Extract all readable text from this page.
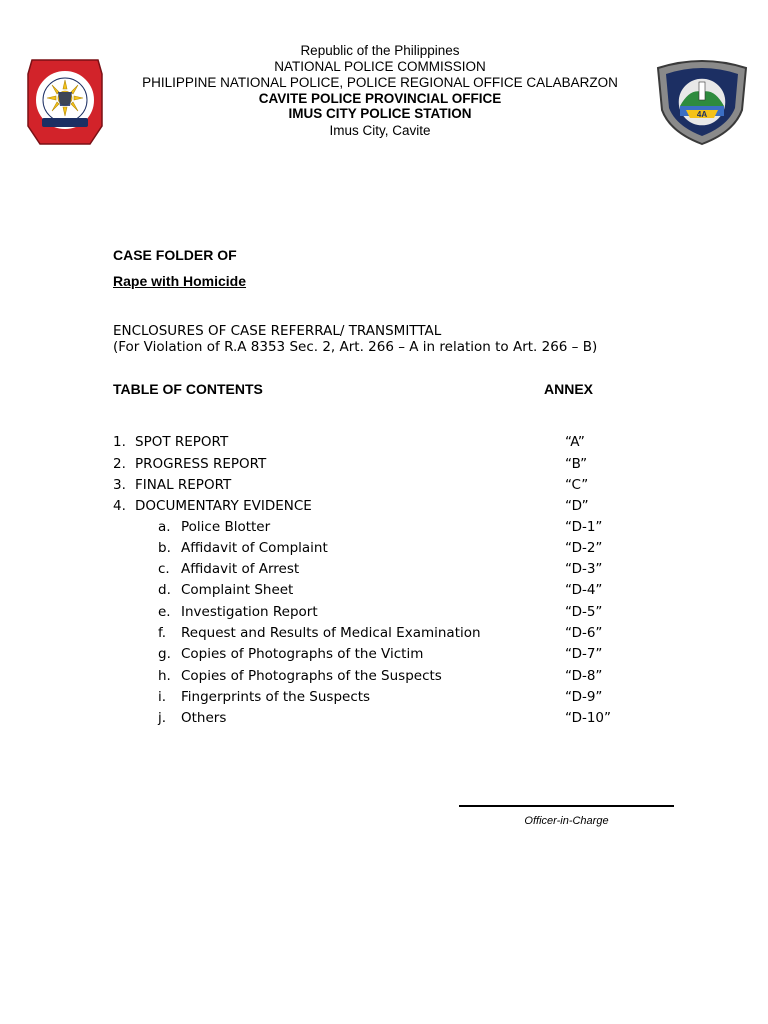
4A
Republic of the Philippines
NATIONAL POLICE COMMISSION
PHILIPPINE NATIONAL POLICE, POLICE REGIONAL OFFICE CALABARZON
CAVITE POLICE PROVINCIAL OFFICE
IMUS CITY POLICE STATION
Imus City, Cavite
CASE FOLDER OF
Rape with Homicide
ENCLOSURES OF CASE REFERRAL/ TRANSMITTAL
(For Violation of R.A 8353 Sec. 2, Art. 266 – A in relation to Art. 266 – B)
TABLE OF CONTENTS	ANNEX
1. SPOT REPORT	“A”
2. PROGRESS REPORT	“B”
3. FINAL REPORT	“C”
4. DOCUMENTARY EVIDENCE	“D”
a. Police Blotter	“D-1”
b. Affidavit of Complaint	“D-2”
c. Affidavit of Arrest	“D-3”
d. Complaint Sheet	“D-4”
e. Investigation Report	“D-5”
f. Request and Results of Medical Examination	“D-6”
g. Copies of Photographs of the Victim	“D-7”
h. Copies of Photographs of the Suspects	“D-8”
i. Fingerprints of the Suspects	“D-9”
j. Others	“D-10”
Officer-in-Charge
